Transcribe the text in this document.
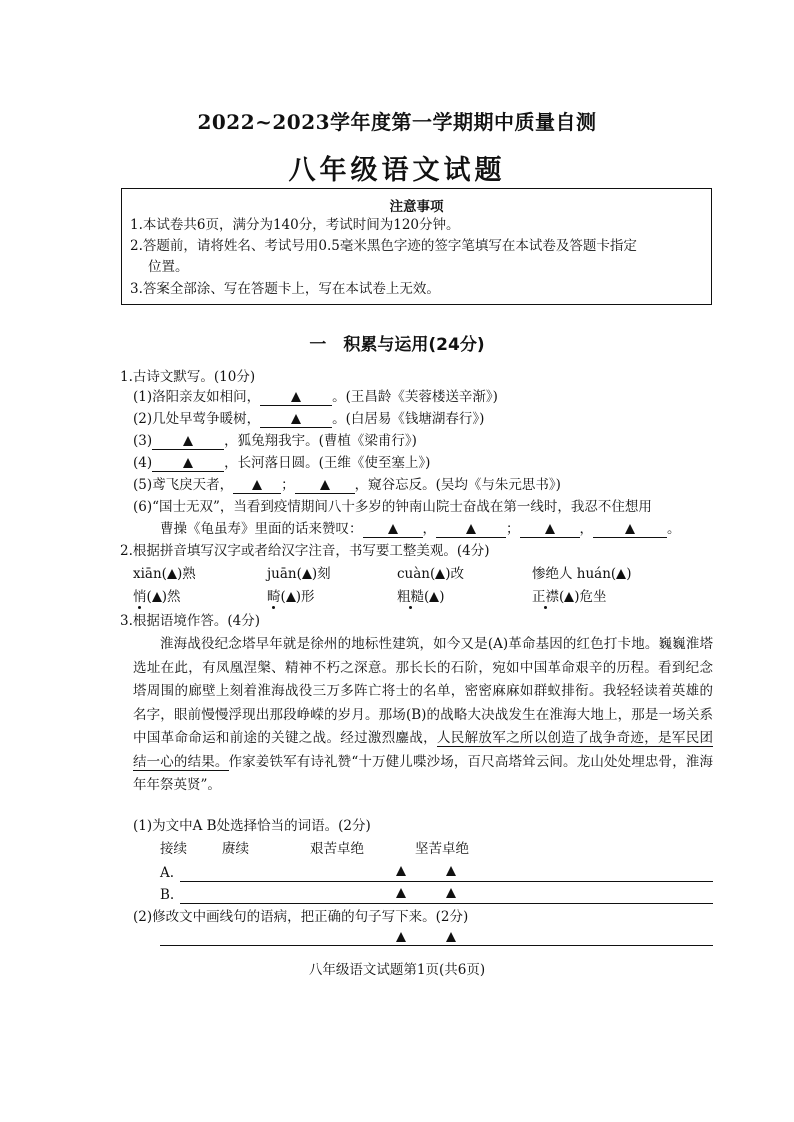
2022~2023学年度第一学期期中质量自测
八年级语文试题
注意事项
1.本试卷共6页，满分为140分，考试时间为120分钟。
2.答题前，请将姓名、考试号用0.5毫米黑色字迹的签字笔填写在本试卷及答题卡指定
位置。
3.答案全部涂、写在答题卡上，写在本试卷上无效。
一　积累与运用(24分)
1.古诗文默写。(10分)
(1)洛阳亲友如相问，	。(王昌龄《芙蓉楼送辛渐》)
(2)几处早莺争暖树，	。(白居易《钱塘湖春行》)
(3)	，狐兔翔我宇。(曹植《梁甫行》)
(4)	，长河落日圆。(王维《使至塞上》)
(5)鸢飞戾天者，	；	，窥谷忘反。(吴均《与朱元思书》)
(6)“国士无双”，当看到疫情期间八十多岁的钟南山院士奋战在第一线时，我忍不住想用
曹操《龟虽寿》里面的话来赞叹：	，	；	，	。
2.根据拼音填写汉字或者给汉字注音，书写要工整美观。(4分)
xiān( )熟	juān( )刻	cuàn( )改	惨绝人 huán( )
悄( )然	畸( )形	粗糙( )	正襟( )危坐
3.根据语境作答。(4分)
淮海战役纪念塔早年就是徐州的地标性建筑，如今又是(A)革命基因的红色打卡地。巍巍淮塔选址在此，有凤凰涅槃、精神不朽之深意。那长长的石阶，宛如中国革命艰辛的历程。看到纪念塔周围的廊壁上刻着淮海战役三万多阵亡将士的名单，密密麻麻如群蚁排衔。我轻轻读着英雄的名字，眼前慢慢浮现出那段峥嵘的岁月。那场(B)的战略大决战发生在淮海大地上，那是一场关系中国革命命运和前途的关键之战。经过激烈鏖战，人民解放军之所以创造了战争奇迹，是军民团结一心的结果。作家姜铁军有诗礼赞“十万健儿喋沙场，百尺高塔耸云间。龙山处处埋忠骨，淮海年年祭英贤”。
(1)为文中A B处选择恰当的词语。(2分)
接续	赓续	艰苦卓绝	坚苦卓绝
A.
B.
(2)修改文中画线句的语病，把正确的句子写下来。(2分)
八年级语文试题第1页(共6页)
